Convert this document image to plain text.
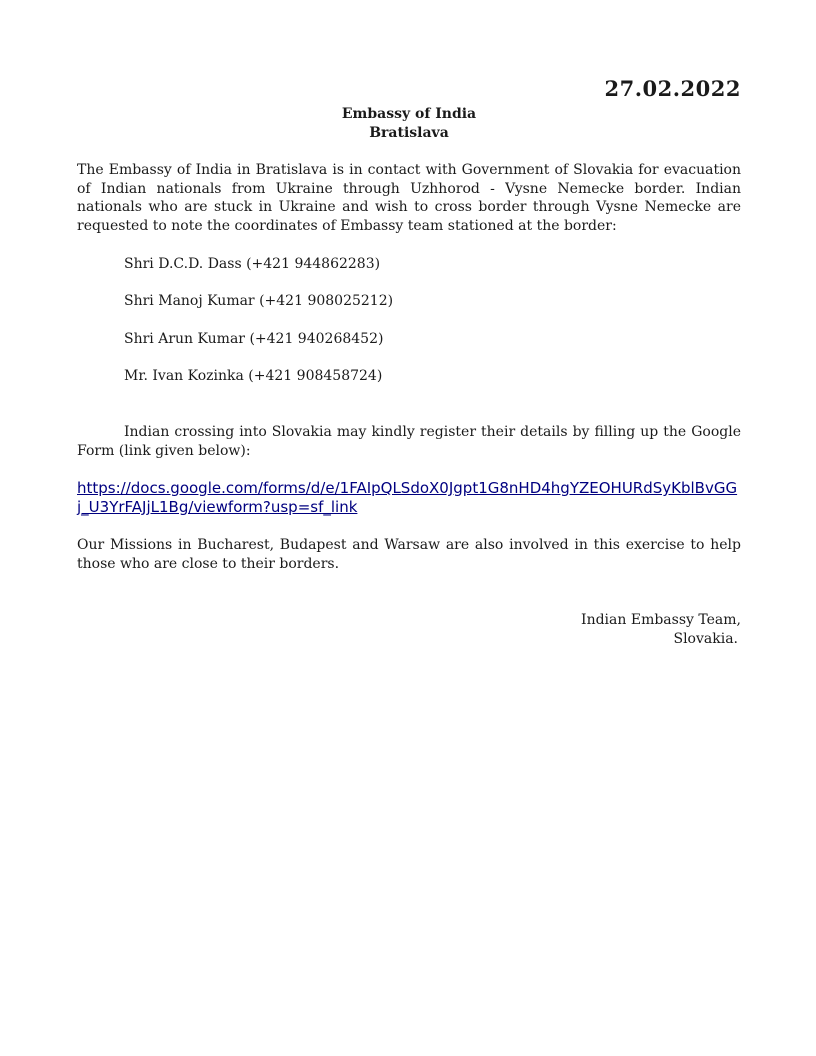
27.02.2022

Embassy of India
Bratislava

The Embassy of India in Bratislava is in contact with Government of Slovakia for evacuation of Indian nationals from Ukraine through Uzhhorod - Vysne Nemecke border. Indian nationals who are stuck in Ukraine and wish to cross border through Vysne Nemecke are requested to note the coordinates of Embassy team stationed at the border:

Shri D.C.D. Dass (+421 944862283)

Shri Manoj Kumar (+421 908025212)

Shri Arun Kumar (+421 940268452)

Mr. Ivan Kozinka (+421 908458724)

Indian crossing into Slovakia may kindly register their details by filling up the Google Form (link given below):

https://docs.google.com/forms/d/e/1FAIpQLSdoX0Jgpt1G8nHD4hgYZEOHURdSyKblBvGGj_U3YrFAJjL1Bg/viewform?usp=sf_link

Our Missions in Bucharest, Budapest and Warsaw are also involved in this exercise to help those who are close to their borders.

Indian Embassy Team,
Slovakia.
